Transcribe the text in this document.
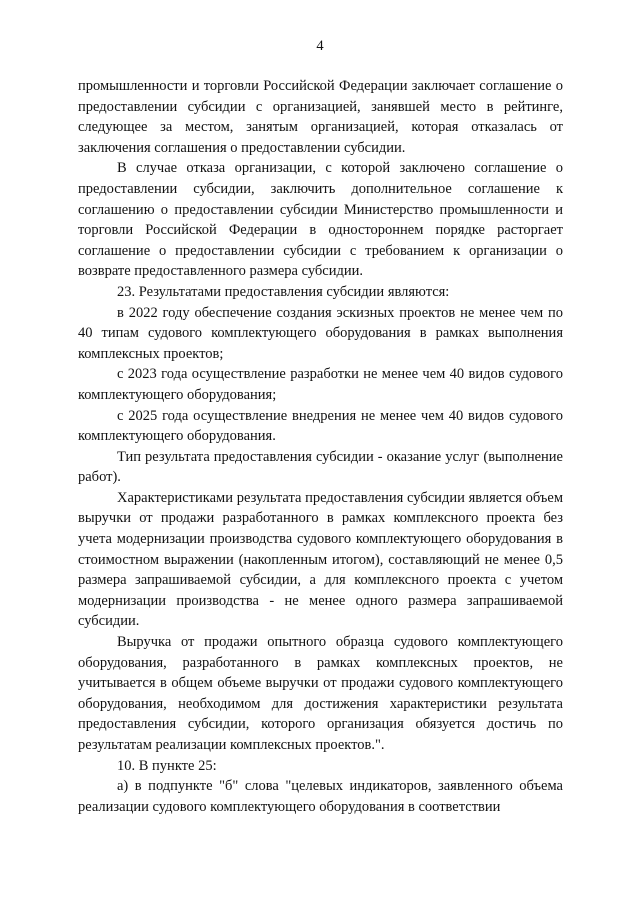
4

промышленности и торговли Российской Федерации заключает соглашение о предоставлении субсидии с организацией, занявшей место в рейтинге, следующее за местом, занятым организацией, которая отказалась от заключения соглашения о предоставлении субсидии.

В случае отказа организации, с которой заключено соглашение о предоставлении субсидии, заключить дополнительное соглашение к соглашению о предоставлении субсидии Министерство промышленности и торговли Российской Федерации в одностороннем порядке расторгает соглашение о предоставлении субсидии с требованием к организации о возврате предоставленного размера субсидии.

23. Результатами предоставления субсидии являются:

в 2022 году обеспечение создания эскизных проектов не менее чем по 40 типам судового комплектующего оборудования в рамках выполнения комплексных проектов;

с 2023 года осуществление разработки не менее чем 40 видов судового комплектующего оборудования;

с 2025 года осуществление внедрения не менее чем 40 видов судового комплектующего оборудования.

Тип результата предоставления субсидии - оказание услуг (выполнение работ).

Характеристиками результата предоставления субсидии является объем выручки от продажи разработанного в рамках комплексного проекта без учета модернизации производства судового комплектующего оборудования в стоимостном выражении (накопленным итогом), составляющий не менее 0,5 размера запрашиваемой субсидии, а для комплексного проекта с учетом модернизации производства - не менее одного размера запрашиваемой субсидии.

Выручка от продажи опытного образца судового комплектующего оборудования, разработанного в рамках комплексных проектов, не учитывается в общем объеме выручки от продажи судового комплектующего оборудования, необходимом для достижения характеристики результата предоставления субсидии, которого организация обязуется достичь по результатам реализации комплексных проектов.".

10. В пункте 25:

а) в подпункте "б" слова "целевых индикаторов, заявленного объема реализации судового комплектующего оборудования в соответствии
